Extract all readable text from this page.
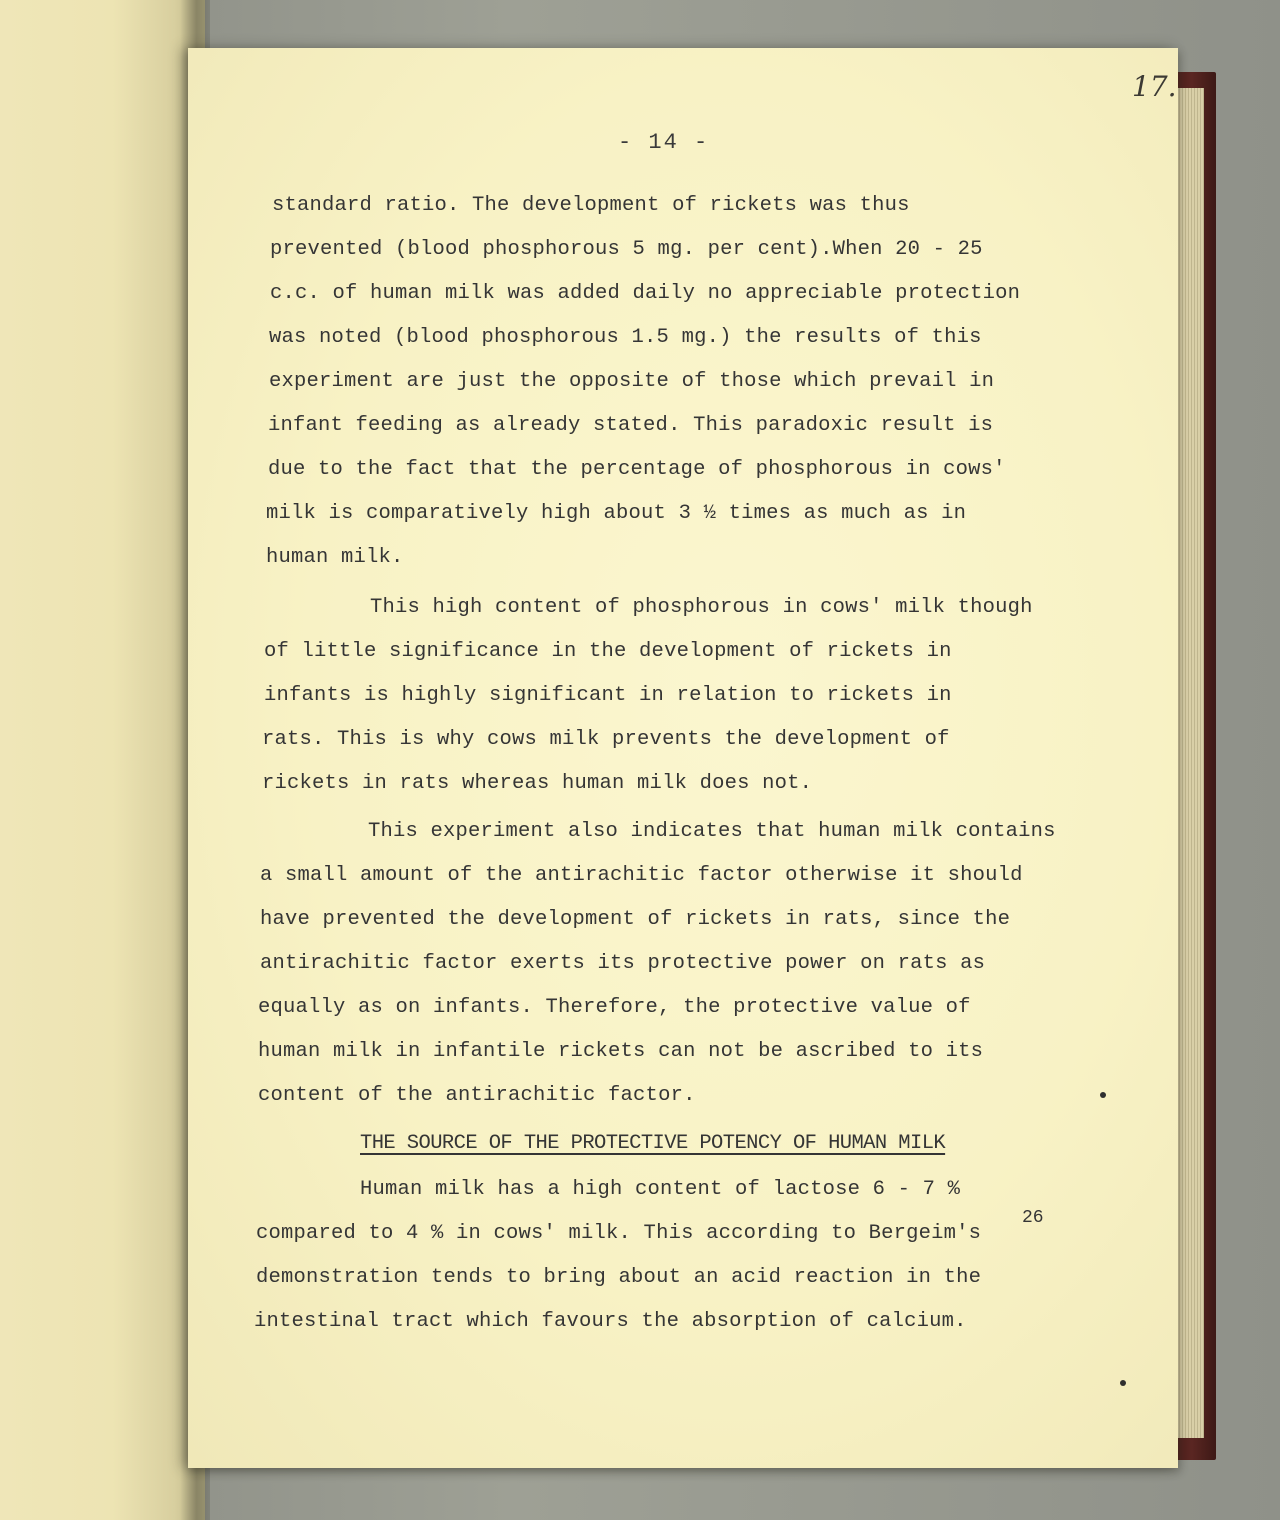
17.
- 14 -
standard ratio. The development of rickets was thus
prevented (blood phosphorous 5 mg. per cent).When 20 - 25
c.c. of human milk was added daily no appreciable protection
was noted (blood phosphorous 1.5 mg.) the results of this
experiment are just the opposite of those which prevail in
infant feeding as already stated. This paradoxic result is
due to the fact that the percentage of phosphorous in cows'
milk is comparatively high about 3 ½ times as much as in
human milk.
This high content of phosphorous in cows' milk though
of little significance in the development of rickets in
infants is highly significant in relation to rickets in
rats. This is why cows milk prevents the development of
rickets in rats whereas human milk does not.
This experiment also indicates that human milk contains
a small amount of the antirachitic factor otherwise it should
have prevented the development of rickets in rats, since the
antirachitic factor exerts its protective power on rats as
equally as on infants. Therefore, the protective value of
human milk in infantile rickets can not be ascribed to its
content of the antirachitic factor.
THE SOURCE OF THE PROTECTIVE POTENCY OF HUMAN MILK
Human milk has a high content of lactose 6 - 7 %
26
compared to 4 % in cows' milk. This according to Bergeim's
demonstration tends to bring about an acid reaction in the
intestinal tract which favours the absorption of calcium.
